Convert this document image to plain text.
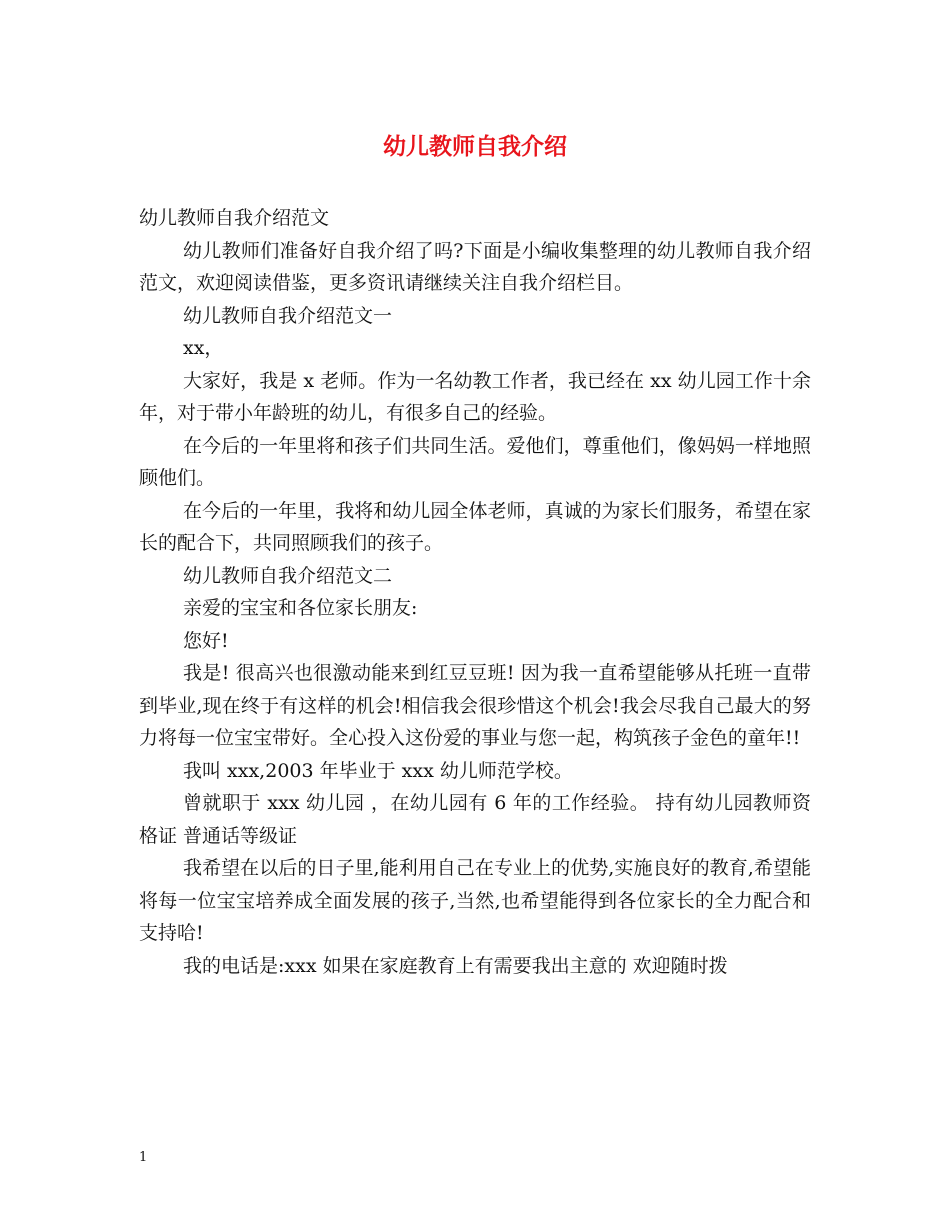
幼儿教师自我介绍

幼儿教师自我介绍范文

幼儿教师们准备好自我介绍了吗?下面是小编收集整理的幼儿教师自我介绍范文，欢迎阅读借鉴，更多资讯请继续关注自我介绍栏目。

幼儿教师自我介绍范文一

xx，

大家好，我是 x 老师。作为一名幼教工作者，我已经在 xx 幼儿园工作十余年，对于带小年龄班的幼儿，有很多自己的经验。

在今后的一年里将和孩子们共同生活。爱他们，尊重他们，像妈妈一样地照顾他们。

在今后的一年里，我将和幼儿园全体老师，真诚的为家长们服务，希望在家长的配合下，共同照顾我们的孩子。

幼儿教师自我介绍范文二

亲爱的宝宝和各位家长朋友:

您好!

我是! 很高兴也很激动能来到红豆豆班! 因为我一直希望能够从托班一直带到毕业,现在终于有这样的机会!相信我会很珍惜这个机会!我会尽我自己最大的努力将每一位宝宝带好。全心投入这份爱的事业与您一起，构筑孩子金色的童年!!

我叫 xxx,2003 年毕业于 xxx 幼儿师范学校。

曾就职于 xxx 幼儿园 ，在幼儿园有 6 年的工作经验。 持有幼儿园教师资格证 普通话等级证

我希望在以后的日子里,能利用自己在专业上的优势,实施良好的教育,希望能将每一位宝宝培养成全面发展的孩子,当然,也希望能得到各位家长的全力配合和支持哈!

我的电话是:xxx 如果在家庭教育上有需要我出主意的 欢迎随时拨

1
